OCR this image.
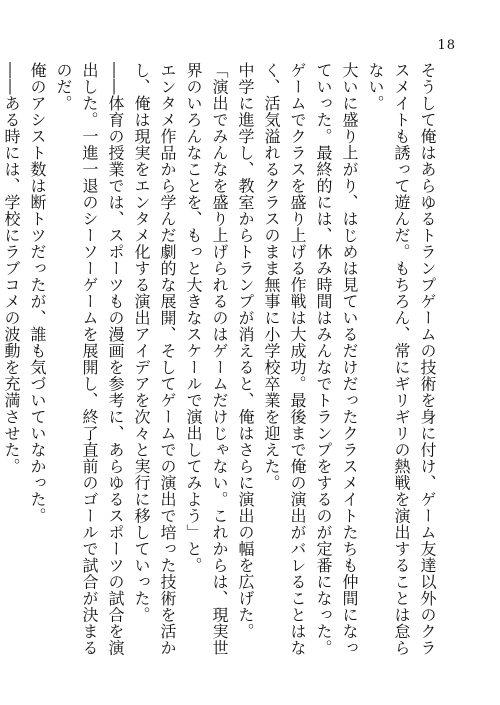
18

そうして俺はあらゆるトランプゲームの技術を身に付け、ゲーム友達以外のクラスメイトも誘って遊んだ。もちろん、常にギリギリの熱戦を演出することは怠らない。

大いに盛り上がり、はじめは見ているだけだったクラスメイトたちも仲間になっていった。最終的には、休み時間はみんなでトランプをするのが定番になった。

ゲームでクラスを盛り上げる作戦は大成功。最後まで俺の演出がバレることはなく、活気溢れるクラスのまま無事に小学校卒業を迎えた。

中学に進学し、教室からトランプが消えると、俺はさらに演出の幅を広げた。

「演出でみんなを盛り上げられるのはゲームだけじゃない。これからは、現実世界のいろんなことを、もっと大きなスケールで演出してみよう」と。

エンタメ作品から学んだ劇的な展開、そしてゲームでの演出で培った技術を活かし、俺は現実をエンタメ化する演出アイデアを次々と実行に移していった。

――体育の授業では、スポーツもの漫画を参考に、あらゆるスポーツの試合を演出した。一進一退のシーソーゲームを展開し、終了直前のゴールで試合が決まるのだ。

俺のアシスト数は断トツだったが、誰も気づいていなかった。

――ある時には、学校にラブコメの波動を充満させた。
